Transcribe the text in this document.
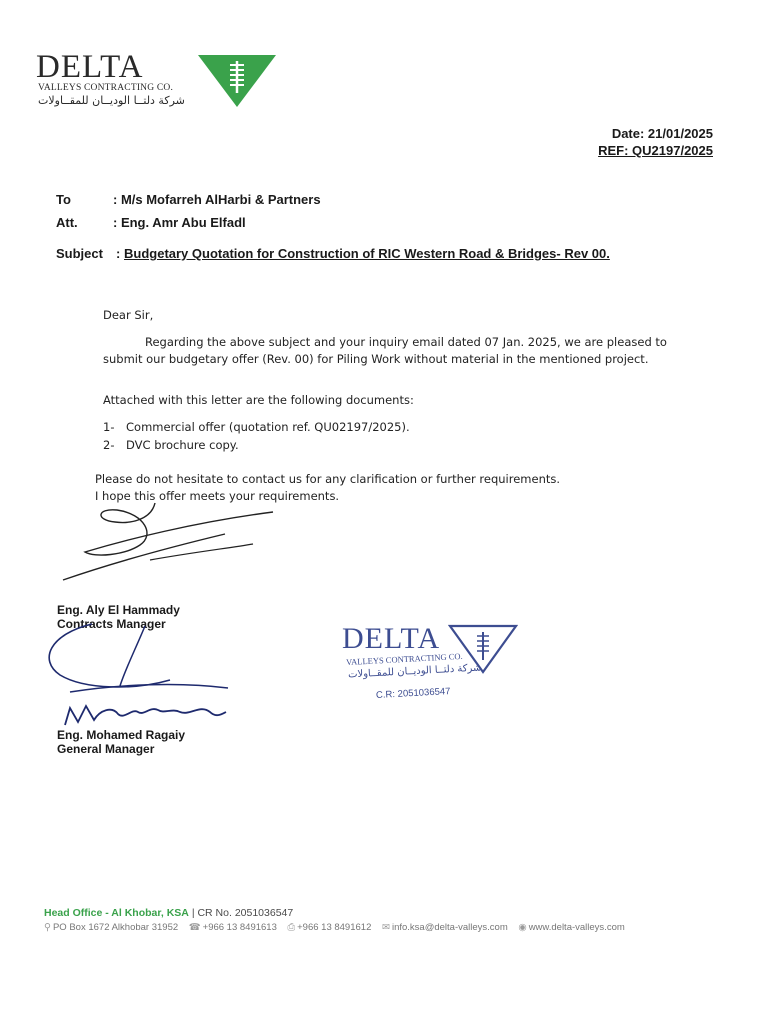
DELTA
VALLEYS CONTRACTING CO.
شركة دلتــا الوديــان للمقــاولات
Date: 21/01/2025
REF: QU2197/2025
To	: M/s Mofarreh AlHarbi & Partners
Att.	: Eng. Amr Abu Elfadl
Subject : Budgetary Quotation for Construction of RIC Western Road & Bridges- Rev 00.
Dear Sir,
Regarding the above subject and your inquiry email dated 07 Jan. 2025, we are pleased to
submit our budgetary offer (Rev. 00) for Piling Work without material in the mentioned project.
Attached with this letter are the following documents:
1- Commercial offer (quotation ref. QU02197/2025).
2- DVC brochure copy.
Please do not hesitate to contact us for any clarification or further requirements.
I hope this offer meets your requirements.
Eng. Aly El Hammady
Contracts Manager
Eng. Mohamed Ragaiy
General Manager
DELTA
VALLEYS CONTRACTING CO.
شركة دلتــا الوديــان للمقــاولات
C.R: 2051036547
Head Office - Al Khobar, KSA | CR No. 2051036547
⚲ PO Box 1672 Alkhobar 31952 ☎ +966 13 8491613 ⎙ +966 13 8491612 ✉ info.ksa@delta-valleys.com ◉ www.delta-valleys.com
